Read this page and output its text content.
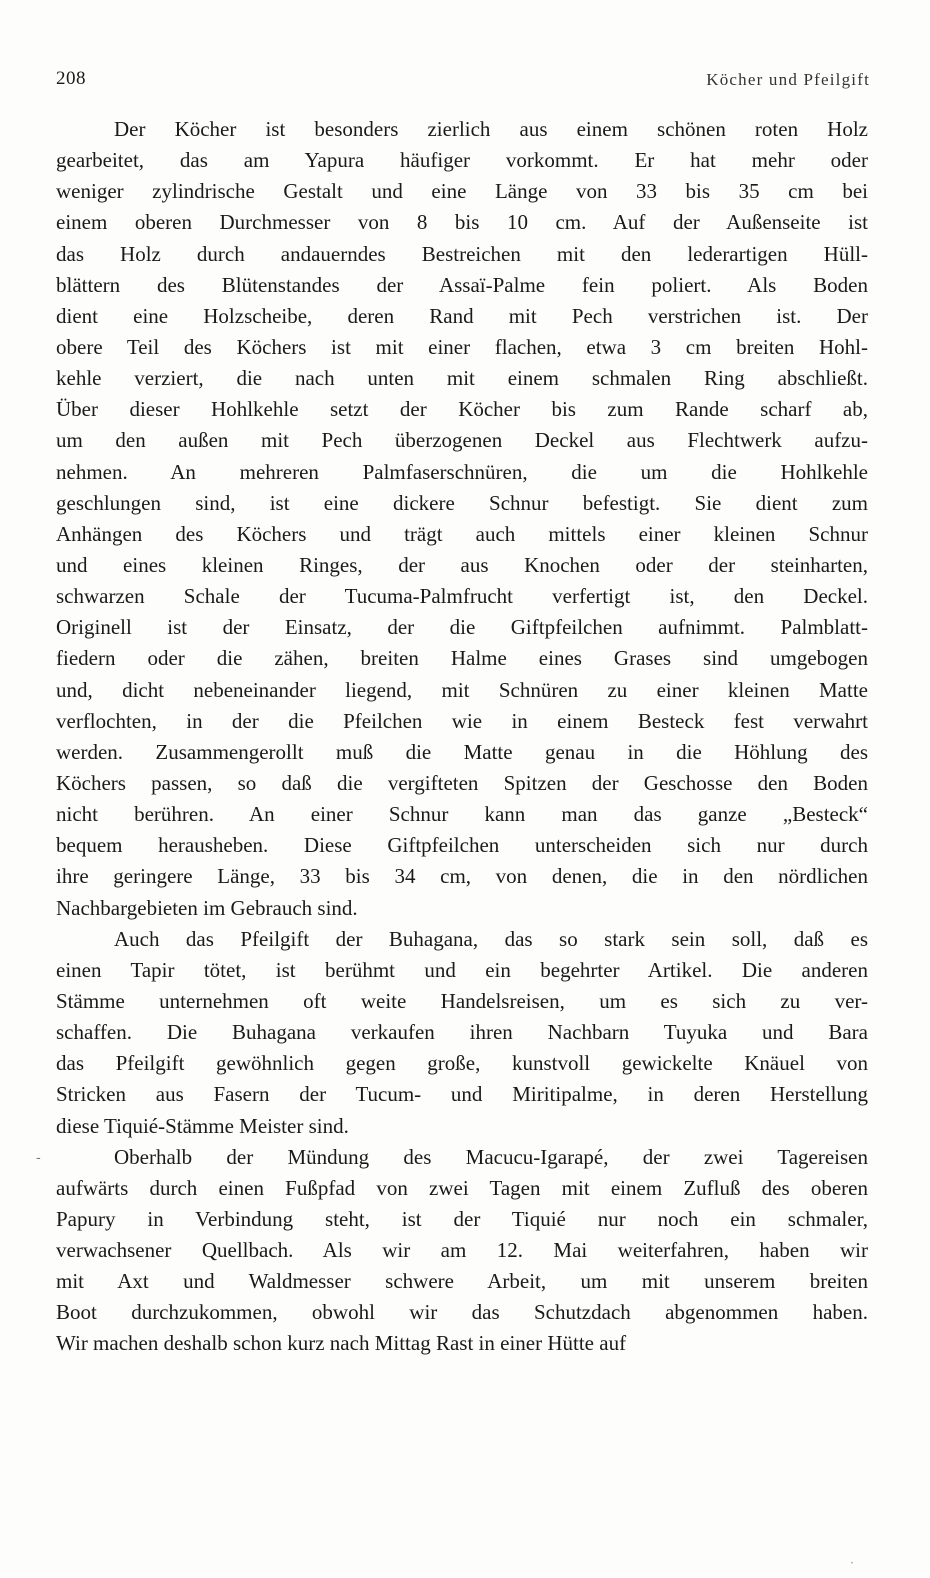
208	Köcher und Pfeilgift

Der Köcher ist besonders zierlich aus einem schönen roten Holz
gearbeitet, das am Yapura häufiger vorkommt. Er hat mehr oder
weniger zylindrische Gestalt und eine Länge von 33 bis 35 cm bei
einem oberen Durchmesser von 8 bis 10 cm. Auf der Außenseite ist
das Holz durch andauerndes Bestreichen mit den lederartigen Hüll-
blättern des Blütenstandes der Assaï-Palme fein poliert. Als Boden
dient eine Holzscheibe, deren Rand mit Pech verstrichen ist. Der
obere Teil des Köchers ist mit einer flachen, etwa 3 cm breiten Hohl-
kehle verziert, die nach unten mit einem schmalen Ring abschließt.
Über dieser Hohlkehle setzt der Köcher bis zum Rande scharf ab,
um den außen mit Pech überzogenen Deckel aus Flechtwerk aufzu-
nehmen. An mehreren Palmfaserschnüren, die um die Hohlkehle
geschlungen sind, ist eine dickere Schnur befestigt. Sie dient zum
Anhängen des Köchers und trägt auch mittels einer kleinen Schnur
und eines kleinen Ringes, der aus Knochen oder der steinharten,
schwarzen Schale der Tucuma-Palmfrucht verfertigt ist, den Deckel.
Originell ist der Einsatz, der die Giftpfeilchen aufnimmt. Palmblatt-
fiedern oder die zähen, breiten Halme eines Grases sind umgebogen
und, dicht nebeneinander liegend, mit Schnüren zu einer kleinen Matte
verflochten, in der die Pfeilchen wie in einem Besteck fest verwahrt
werden. Zusammengerollt muß die Matte genau in die Höhlung des
Köchers passen, so daß die vergifteten Spitzen der Geschosse den Boden
nicht berühren. An einer Schnur kann man das ganze „Besteck“
bequem herausheben. Diese Giftpfeilchen unterscheiden sich nur durch
ihre geringere Länge, 33 bis 34 cm, von denen, die in den nördlichen
Nachbargebieten im Gebrauch sind.

Auch das Pfeilgift der Buhagana, das so stark sein soll, daß es
einen Tapir tötet, ist berühmt und ein begehrter Artikel. Die anderen
Stämme unternehmen oft weite Handelsreisen, um es sich zu ver-
schaffen. Die Buhagana verkaufen ihren Nachbarn Tuyuka und Bara
das Pfeilgift gewöhnlich gegen große, kunstvoll gewickelte Knäuel von
Stricken aus Fasern der Tucum- und Miritipalme, in deren Herstellung
diese Tiquié-Stämme Meister sind.

Oberhalb der Mündung des Macucu-Igarapé, der zwei Tagereisen
aufwärts durch einen Fußpfad von zwei Tagen mit einem Zufluß des oberen
Papury in Verbindung steht, ist der Tiquié nur noch ein schmaler,
verwachsener Quellbach. Als wir am 12. Mai weiterfahren, haben wir
mit Axt und Waldmesser schwere Arbeit, um mit unserem breiten
Boot durchzukommen, obwohl wir das Schutzdach abgenommen haben.
Wir machen deshalb schon kurz nach Mittag Rast in einer Hütte auf

-
·
